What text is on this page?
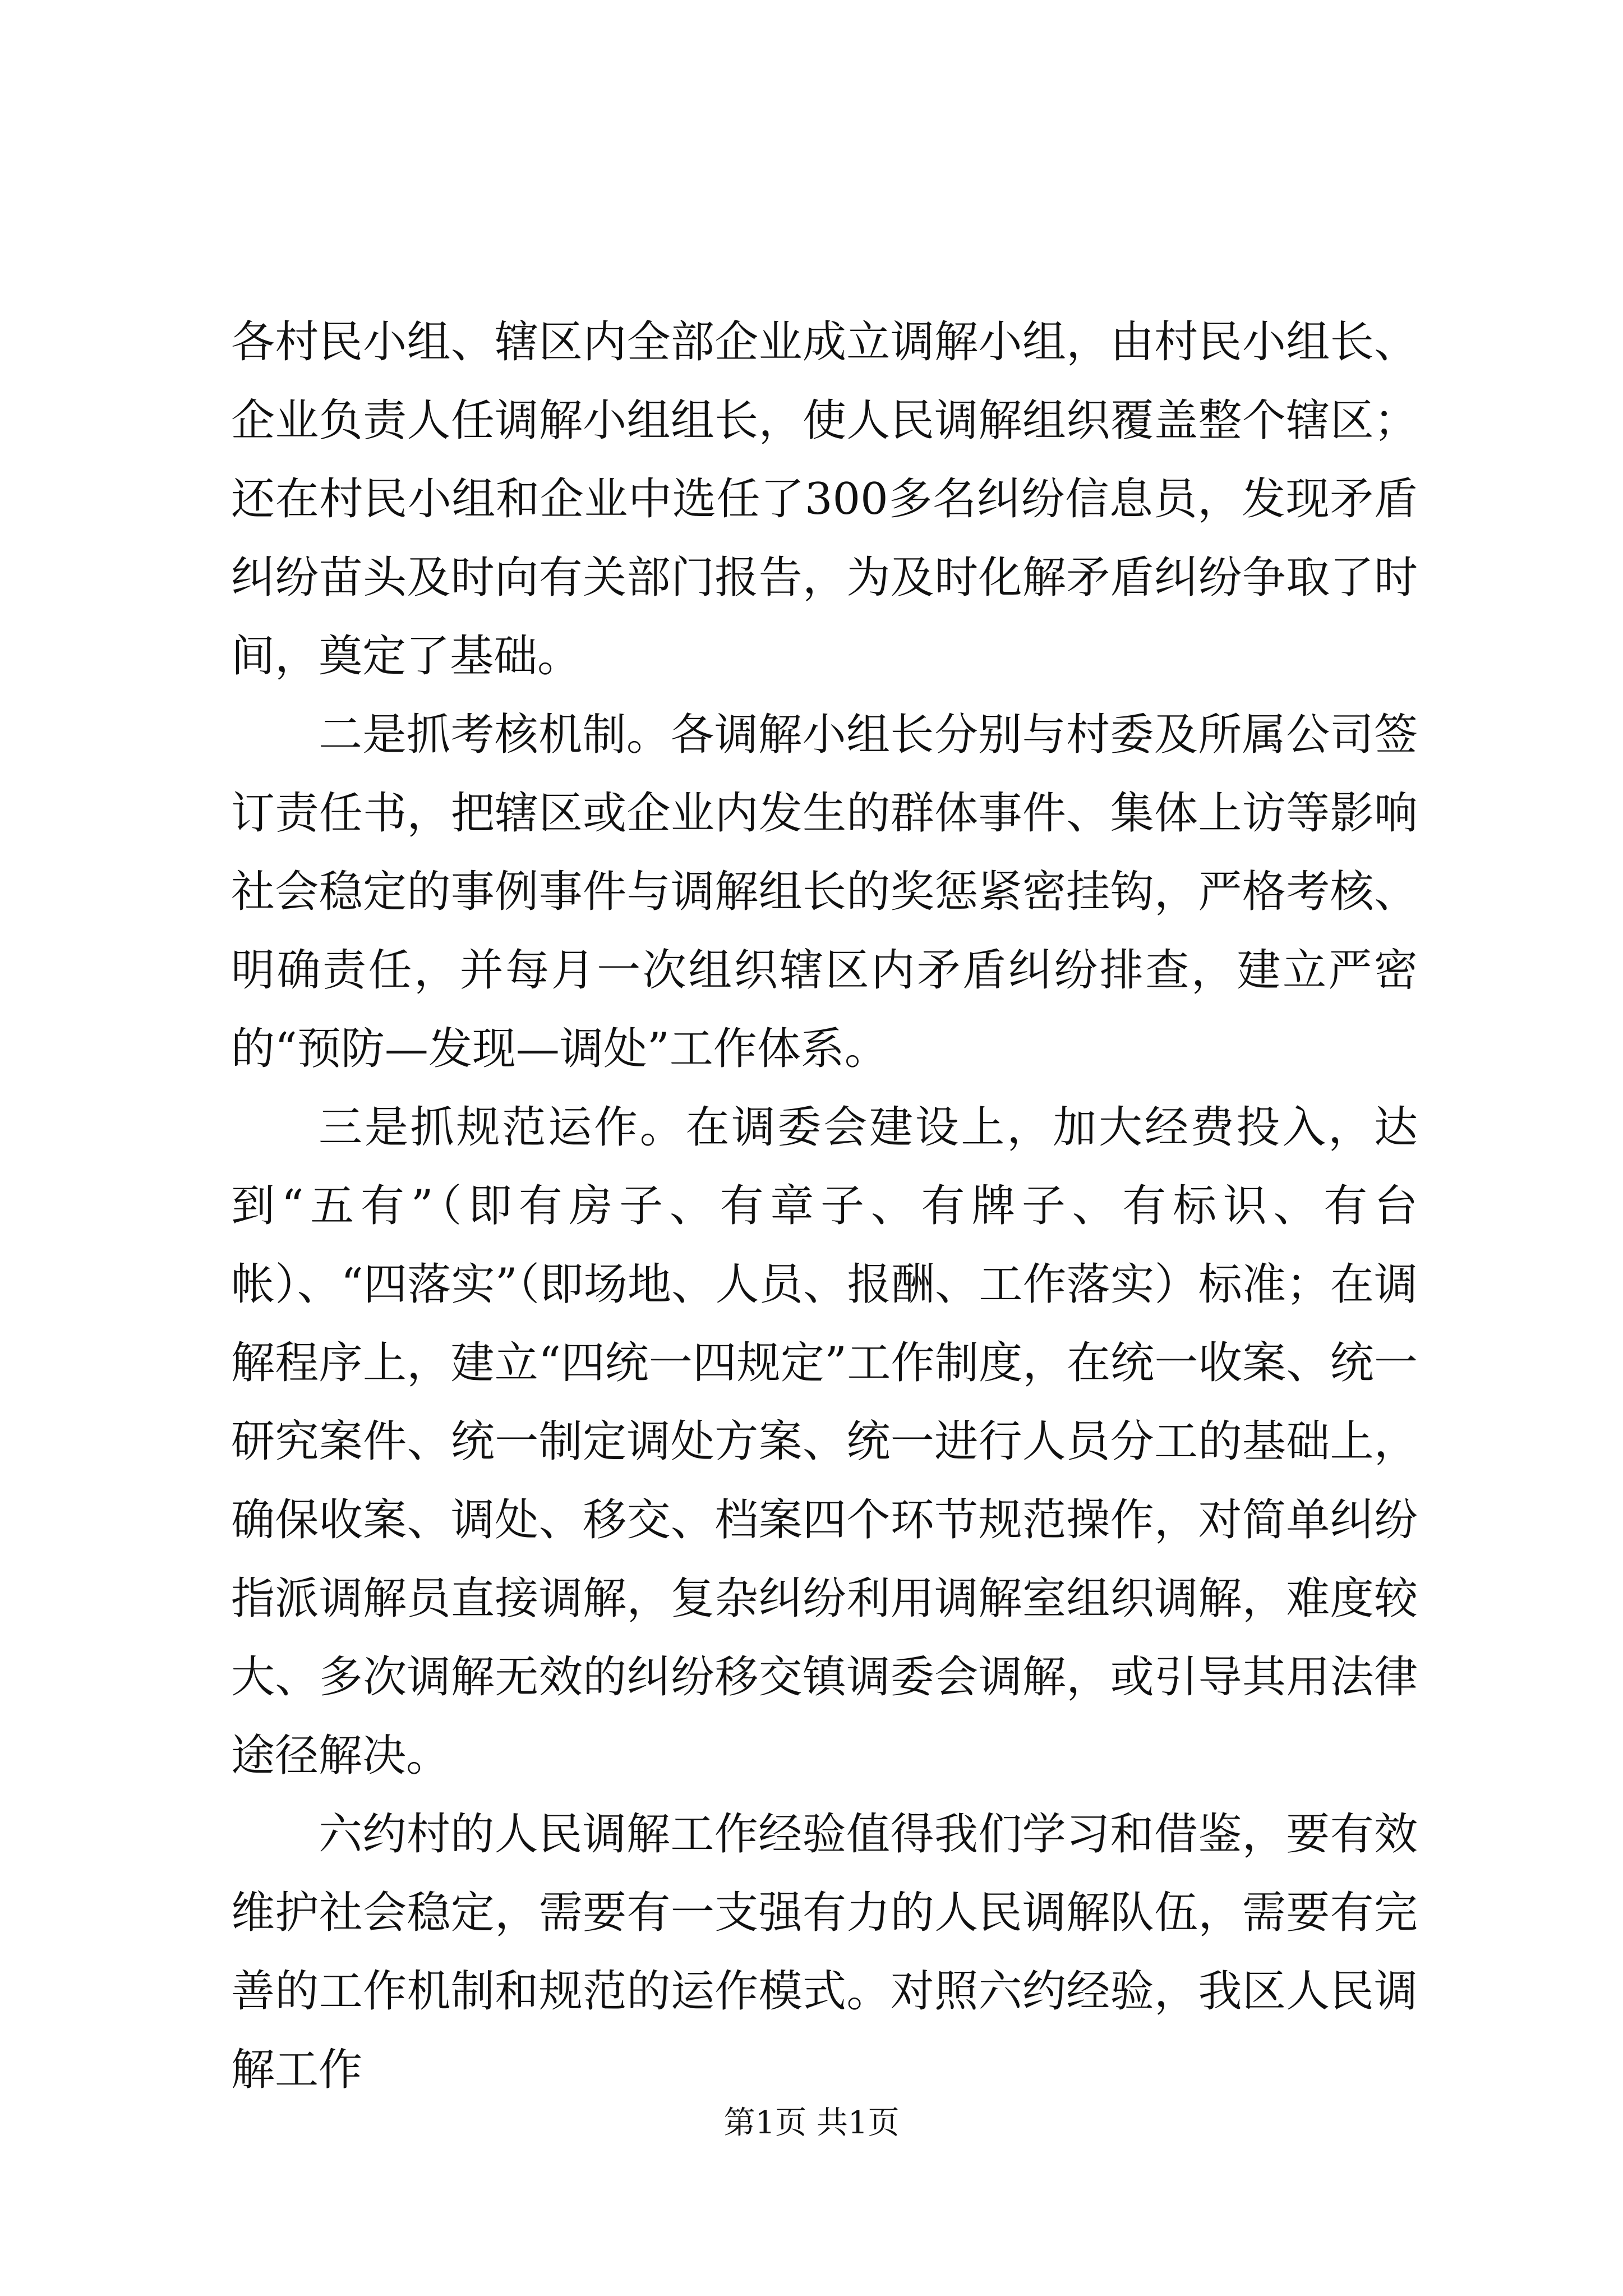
各村民小组、辖区内全部企业成立调解小组，由村民小组长、企业负责人任调解小组组长，使人民调解组织覆盖整个辖区；还在村民小组和企业中选任了300多名纠纷信息员，发现矛盾纠纷苗头及时向有关部门报告，为及时化解矛盾纠纷争取了时间，奠定了基础。

二是抓考核机制。各调解小组长分别与村委及所属公司签订责任书，把辖区或企业内发生的群体事件、集体上访等影响社会稳定的事例事件与调解组长的奖惩紧密挂钩，严格考核、明确责任，并每月一次组织辖区内矛盾纠纷排查，建立严密的“预防—发现—调处”工作体系。

三是抓规范运作。在调委会建设上，加大经费投入，达到“五有”（即有房子、有章子、有牌子、有标识、有台帐）、“四落实”（即场地、人员、报酬、工作落实）标准；在调解程序上，建立“四统一四规定”工作制度，在统一收案、统一研究案件、统一制定调处方案、统一进行人员分工的基础上，确保收案、调处、移交、档案四个环节规范操作，对简单纠纷指派调解员直接调解，复杂纠纷利用调解室组织调解，难度较大、多次调解无效的纠纷移交镇调委会调解，或引导其用法律途径解决。

六约村的人民调解工作经验值得我们学习和借鉴，要有效维护社会稳定，需要有一支强有力的人民调解队伍，需要有完善的工作机制和规范的运作模式。对照六约经验，我区人民调解工作

第1页 共1页
